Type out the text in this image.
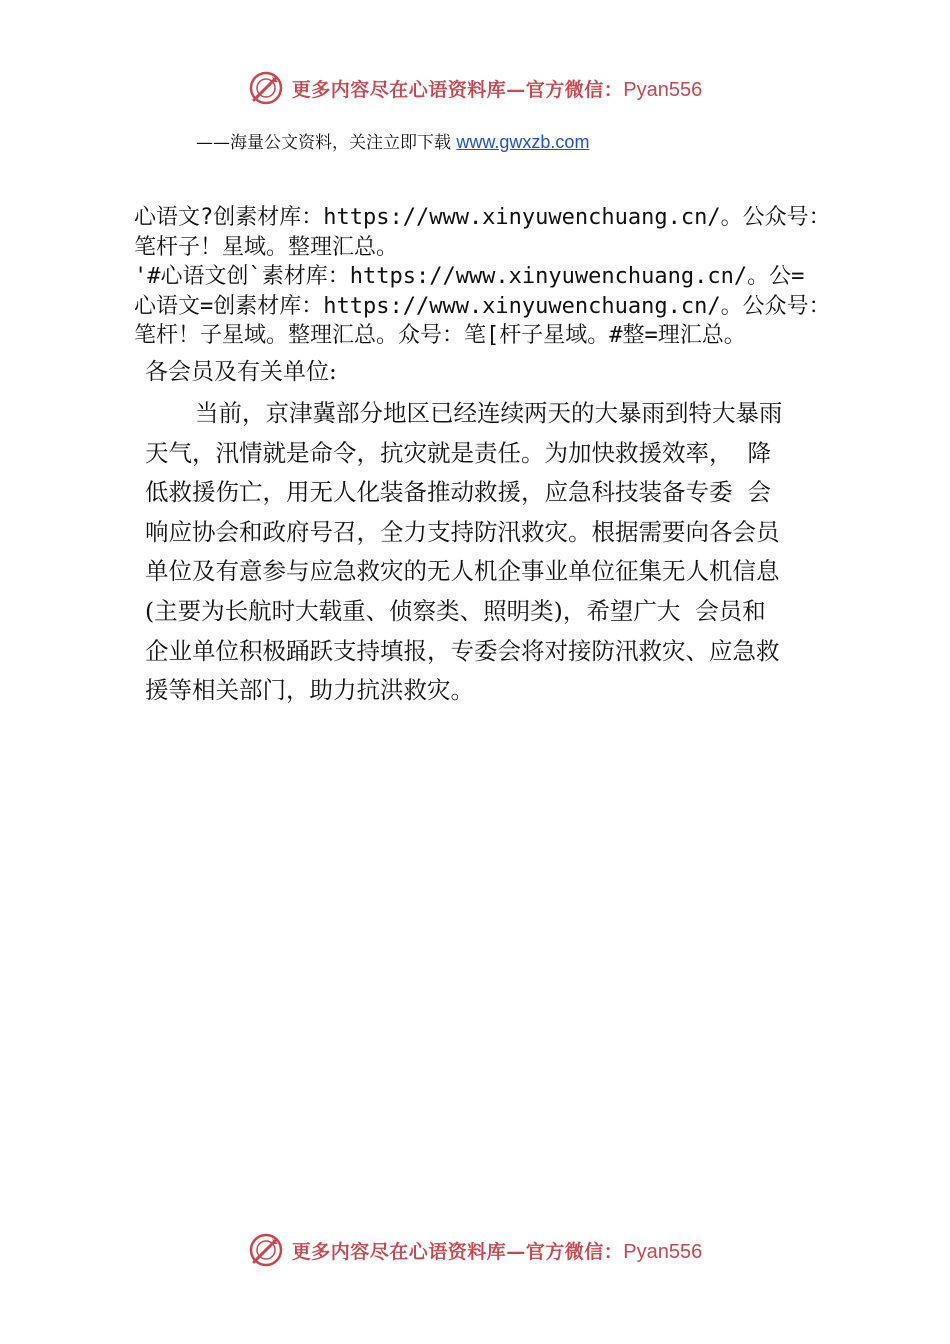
更多内容尽在心语资料库—官方微信：Pyan556
——海量公文资料，关注立即下载 www.gwxzb.com
心语文?创素材库：https://www.xinyuwenchuang.cn/。公众号：
笔杆子！星域。整理汇总。
'#心语文创`素材库：https://www.xinyuwenchuang.cn/。公=
心语文=创素材库：https://www.xinyuwenchuang.cn/。公众号：
笔杆！子星域。整理汇总。众号：笔[杆子星域。#整=理汇总。
各会员及有关单位:
当前，京津冀部分地区已经连续两天的大暴雨到特大暴雨
天气，汛情就是命令，抗灾就是责任。为加快救援效率，  降
低救援伤亡，用无人化装备推动救援，应急科技装备专委  会
响应协会和政府号召，全力支持防汛救灾。根据需要向各会员
单位及有意参与应急救灾的无人机企事业单位征集无人机信息
(主要为长航时大载重、侦察类、照明类)，希望广大  会员和
企业单位积极踊跃支持填报，专委会将对接防汛救灾、应急救
援等相关部门，助力抗洪救灾。
更多内容尽在心语资料库—官方微信：Pyan556
